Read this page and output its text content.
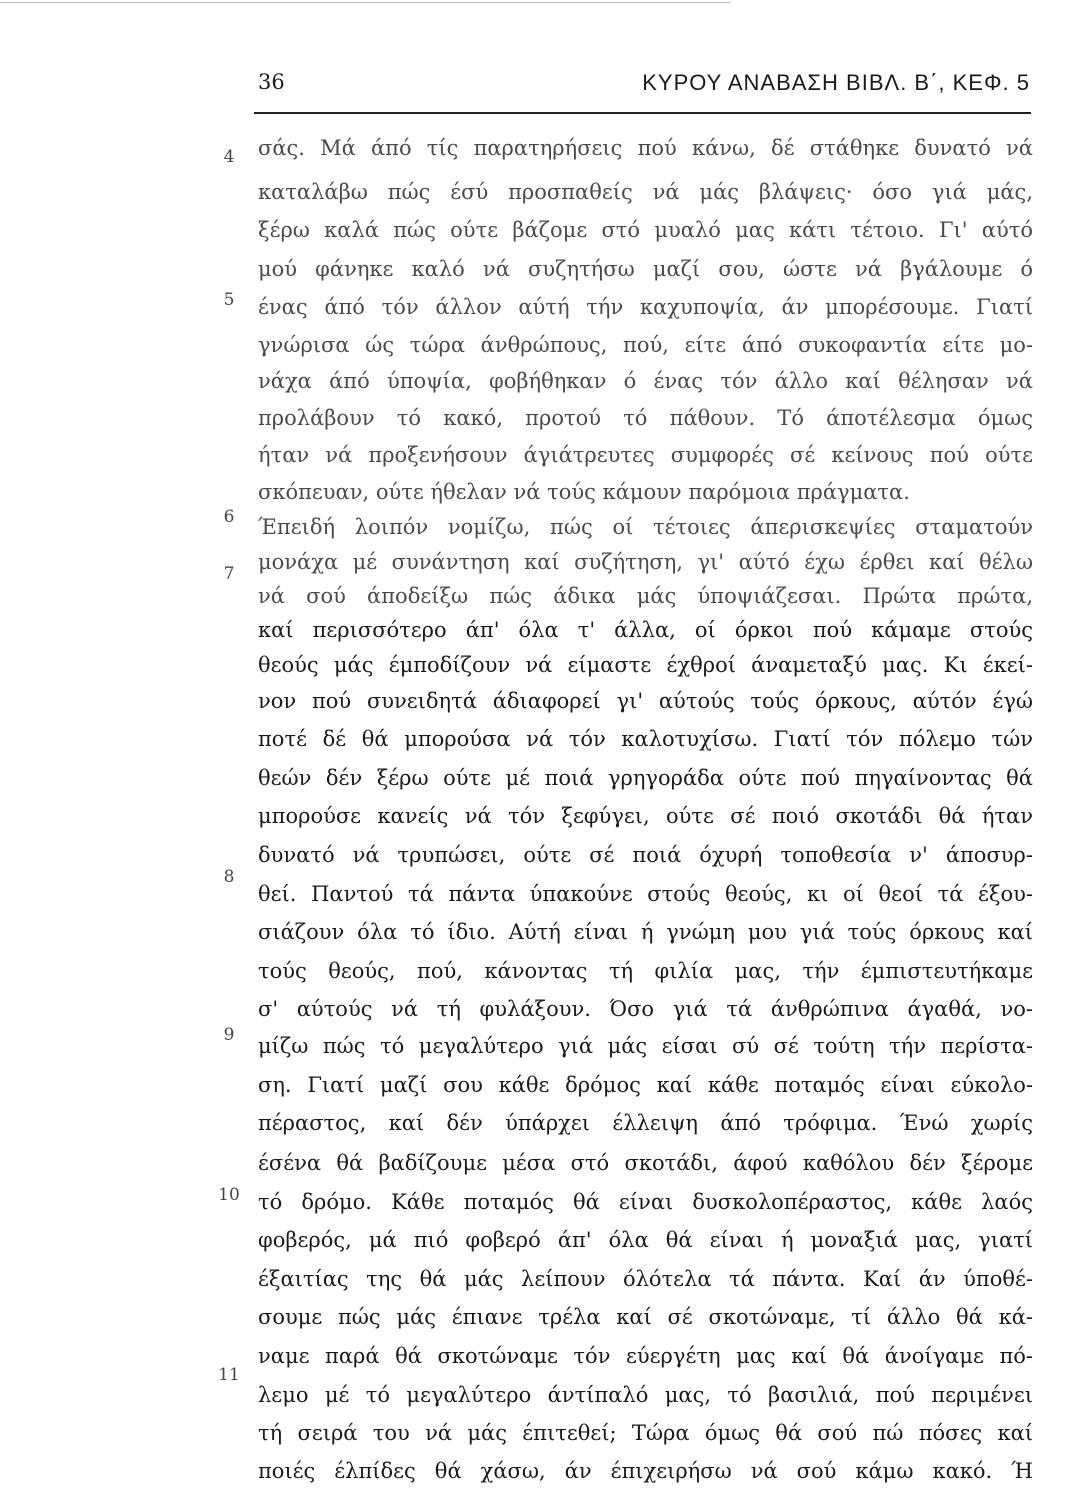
36	ΚΥΡΟΥ ΑΝΑΒΑΣΗ ΒΙΒΛ. Β΄, ΚΕΦ. 5
4
5
6
7
8
9
10
11
σάς. Μά άπό τίς παρατηρήσεις πού κάνω, δέ στάθηκε δυνατό νά
καταλάβω πώς έσύ προσπαθείς νά μάς βλάψεις· όσο γιά μάς,
ξέρω καλά πώς ούτε βάζομε στό μυαλό μας κάτι τέτοιο. Γι' αύτό
μού φάνηκε καλό νά συζητήσω μαζί σου, ώστε νά βγάλουμε ό
ένας άπό τόν άλλον αύτή τήν καχυποψία, άν μπορέσουμε. Γιατί
γνώρισα ώς τώρα άνθρώπους, πού, είτε άπό συκοφαντία είτε μο-
νάχα άπό ύποψία, φοβήθηκαν ό ένας τόν άλλο καί θέλησαν νά
προλάβουν τό κακό, προτού τό πάθουν. Τό άποτέλεσμα όμως
ήταν νά προξενήσουν άγιάτρευτες συμφορές σέ κείνους πού ούτε
σκόπευαν, ούτε ήθελαν νά τούς κάμουν παρόμοια πράγματα.
Έπειδή λοιπόν νομίζω, πώς οί τέτοιες άπερισκεψίες σταματούν
μονάχα μέ συνάντηση καί συζήτηση, γι' αύτό έχω έρθει καί θέλω
νά σού άποδείξω πώς άδικα μάς ύποψιάζεσαι. Πρώτα πρώτα,
καί περισσότερο άπ' όλα τ' άλλα, οί όρκοι πού κάμαμε στούς
θεούς μάς έμποδίζουν νά είμαστε έχθροί άναμεταξύ μας. Κι έκεί-
νον πού συνειδητά άδιαφορεί γι' αύτούς τούς όρκους, αύτόν έγώ
ποτέ δέ θά μπορούσα νά τόν καλοτυχίσω. Γιατί τόν πόλεμο τών
θεών δέν ξέρω ούτε μέ ποιά γρηγοράδα ούτε πού πηγαίνοντας θά
μπορούσε κανείς νά τόν ξεφύγει, ούτε σέ ποιό σκοτάδι θά ήταν
δυνατό νά τρυπώσει, ούτε σέ ποιά όχυρή τοποθεσία ν' άποσυρ-
θεί. Παντού τά πάντα ύπακούνε στούς θεούς, κι οί θεοί τά έξου-
σιάζουν όλα τό ίδιο. Αύτή είναι ή γνώμη μου γιά τούς όρκους καί
τούς θεούς, πού, κάνοντας τή φιλία μας, τήν έμπιστευτήκαμε
σ' αύτούς νά τή φυλάξουν. Όσο γιά τά άνθρώπινα άγαθά, νο-
μίζω πώς τό μεγαλύτερο γιά μάς είσαι σύ σέ τούτη τήν περίστα-
ση. Γιατί μαζί σου κάθε δρόμος καί κάθε ποταμός είναι εύκολο-
πέραστος, καί δέν ύπάρχει έλλειψη άπό τρόφιμα. Ένώ χωρίς
έσένα θά βαδίζουμε μέσα στό σκοτάδι, άφού καθόλου δέν ξέρομε
τό δρόμο. Κάθε ποταμός θά είναι δυσκολοπέραστος, κάθε λαός
φοβερός, μά πιό φοβερό άπ' όλα θά είναι ή μοναξιά μας, γιατί
έξαιτίας της θά μάς λείπουν όλότελα τά πάντα. Καί άν ύποθέ-
σουμε πώς μάς έπιανε τρέλα καί σέ σκοτώναμε, τί άλλο θά κά-
ναμε παρά θά σκοτώναμε τόν εύεργέτη μας καί θά άνοίγαμε πό-
λεμο μέ τό μεγαλύτερο άντίπαλό μας, τό βασιλιά, πού περιμένει
τή σειρά του νά μάς έπιτεθεί; Τώρα όμως θά σού πώ πόσες καί
ποιές έλπίδες θά χάσω, άν έπιχειρήσω νά σού κάμω κακό. Ή
